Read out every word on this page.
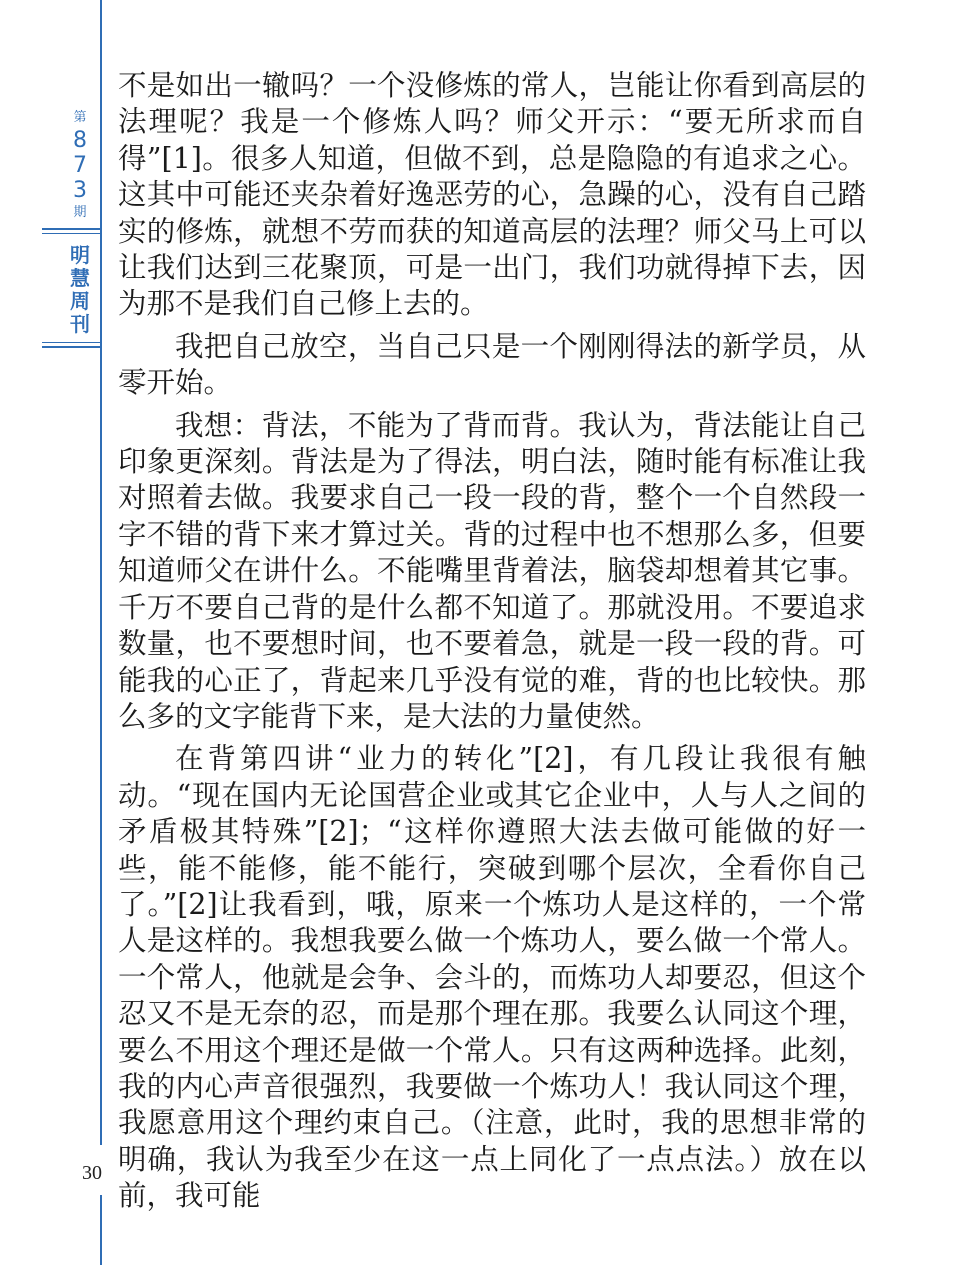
第
8
7
3
期
明
慧
周
刊
30

不是如出一辙吗？一个没修炼的常人，岂能让你看到高层的法理呢？我是一个修炼人吗？师父开示：“要无所求而自得”[1]。很多人知道，但做不到，总是隐隐的有追求之心。这其中可能还夹杂着好逸恶劳的心，急躁的心，没有自己踏实的修炼，就想不劳而获的知道高层的法理？师父马上可以让我们达到三花聚顶，可是一出门，我们功就得掉下去，因为那不是我们自己修上去的。

我把自己放空，当自己只是一个刚刚得法的新学员，从零开始。

我想：背法，不能为了背而背。我认为，背法能让自己印象更深刻。背法是为了得法，明白法，随时能有标准让我对照着去做。我要求自己一段一段的背，整个一个自然段一字不错的背下来才算过关。背的过程中也不想那么多，但要知道师父在讲什么。不能嘴里背着法，脑袋却想着其它事。千万不要自己背的是什么都不知道了。那就没用。不要追求数量，也不要想时间，也不要着急，就是一段一段的背。可能我的心正了，背起来几乎没有觉的难，背的也比较快。那么多的文字能背下来，是大法的力量使然。

在背第四讲“业力的转化”[2]，有几段让我很有触动。“现在国内无论国营企业或其它企业中，人与人之间的矛盾极其特殊”[2]；“这样你遵照大法去做可能做的好一些，能不能修，能不能行，突破到哪个层次，全看你自己了。”[2]让我看到，哦，原来一个炼功人是这样的，一个常人是这样的。我想我要么做一个炼功人，要么做一个常人。一个常人，他就是会争、会斗的，而炼功人却要忍，但这个忍又不是无奈的忍，而是那个理在那。我要么认同这个理，要么不用这个理还是做一个常人。只有这两种选择。此刻，我的内心声音很强烈，我要做一个炼功人！我认同这个理，我愿意用这个理约束自己。（注意，此时，我的思想非常的明确，我认为我至少在这一点上同化了一点点法。）放在以前，我可能
